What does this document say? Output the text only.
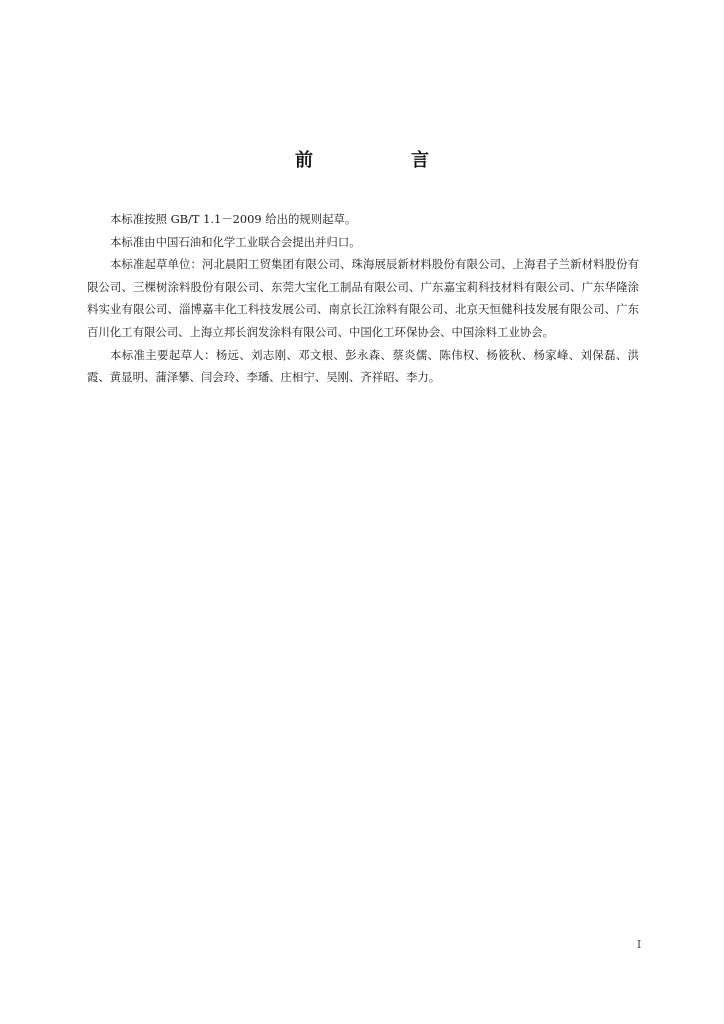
前　言

本标准按照 GB/T 1.1－2009 给出的规则起草。

本标准由中国石油和化学工业联合会提出并归口。

本标准起草单位：河北晨阳工贸集团有限公司、珠海展辰新材料股份有限公司、上海君子兰新材料股份有限公司、三棵树涂料股份有限公司、东莞大宝化工制品有限公司、广东嘉宝莉科技材料有限公司、广东华隆涂料实业有限公司、淄博嘉丰化工科技发展公司、南京长江涂料有限公司、北京天恒健科技发展有限公司、广东百川化工有限公司、上海立邦长润发涂料有限公司、中国化工环保协会、中国涂料工业协会。

本标准主要起草人：杨远、刘志刚、邓文根、彭永森、蔡炎儒、陈伟权、杨筱秋、杨家峰、刘保磊、洪霞、黄显明、蒲泽攀、闫会玲、李璠、庄相宁、吴刚、齐祥昭、李力。

I
